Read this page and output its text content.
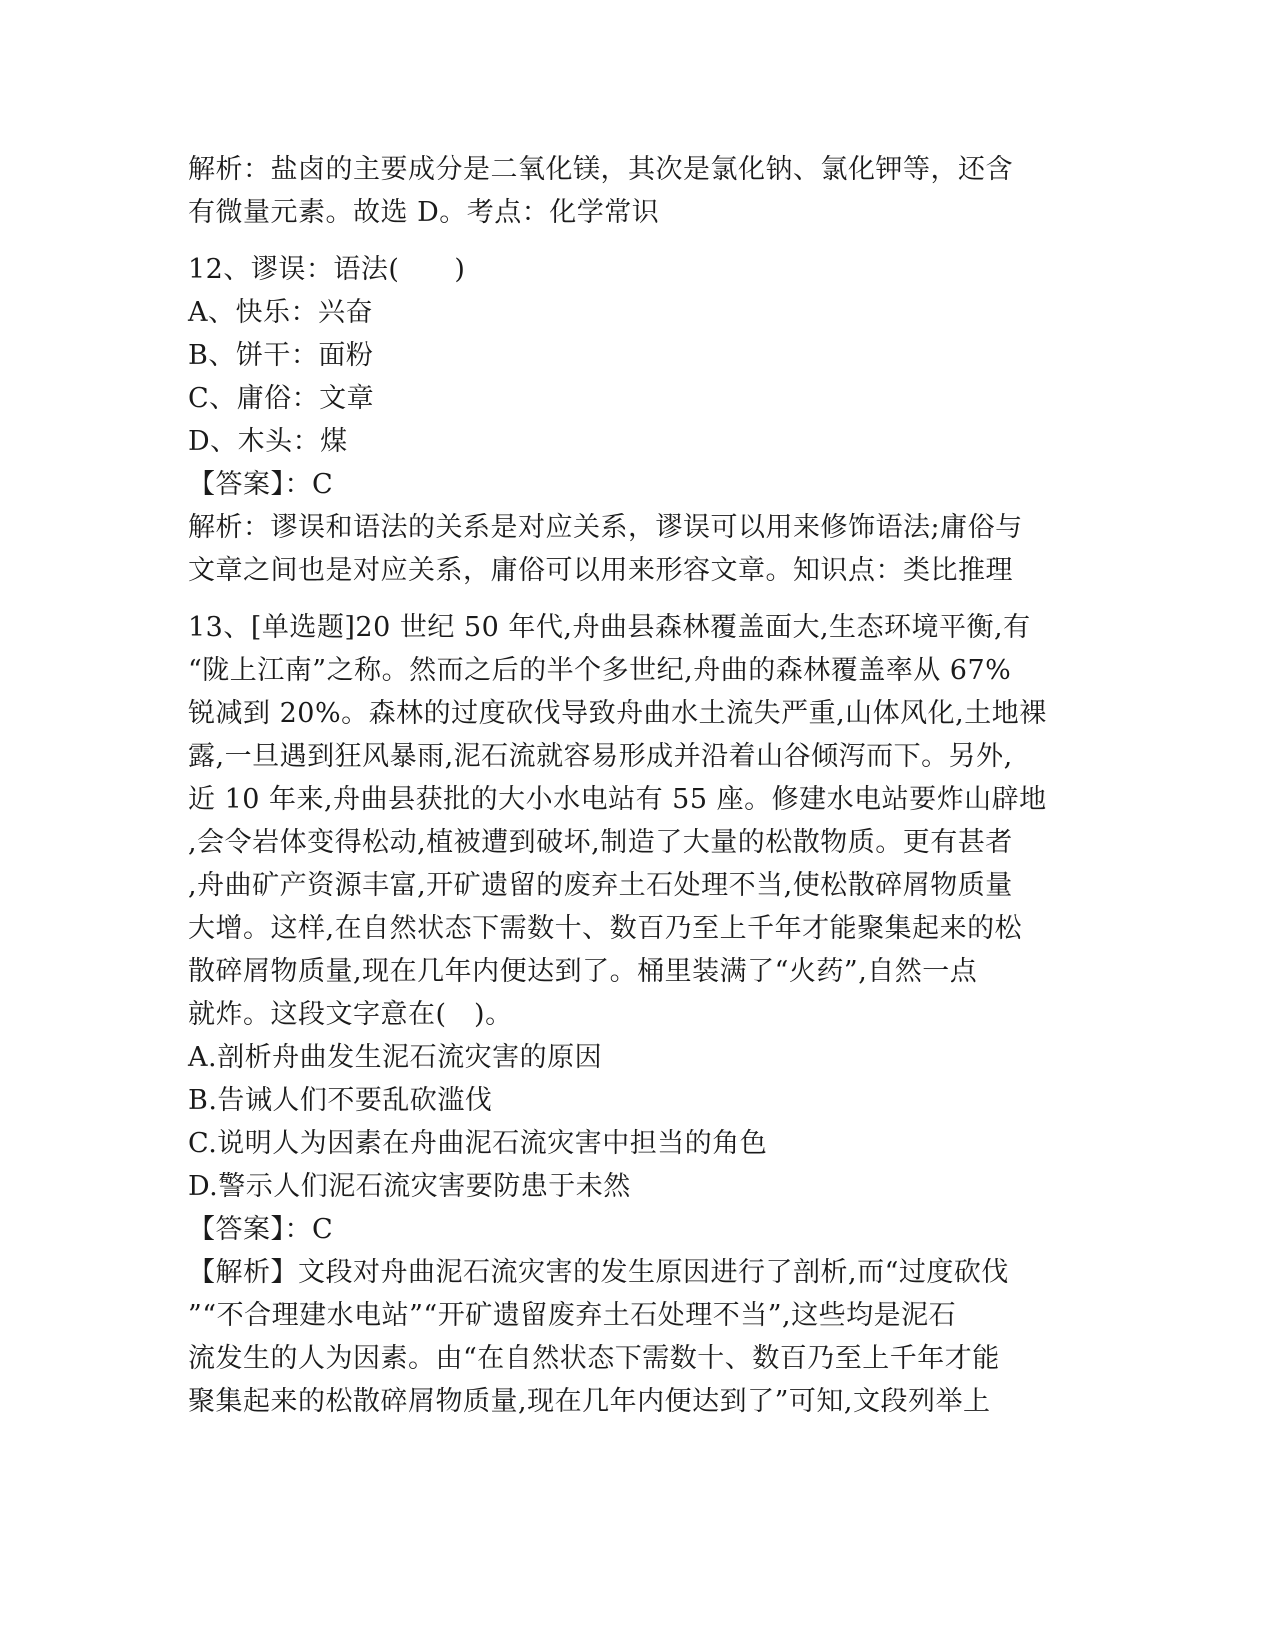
解析：盐卤的主要成分是二氧化镁，其次是氯化钠、氯化钾等，还含
有微量元素。故选 D。考点：化学常识
12、谬误：语法(　　)
A、快乐：兴奋
B、饼干：面粉
C、庸俗：文章
D、木头：煤
【答案】：C
解析：谬误和语法的关系是对应关系，谬误可以用来修饰语法;庸俗与
文章之间也是对应关系，庸俗可以用来形容文章。知识点：类比推理
13、[单选题]20 世纪 50 年代,舟曲县森林覆盖面大,生态环境平衡,有
“陇上江南”之称。然而之后的半个多世纪,舟曲的森林覆盖率从 67%
锐减到 20%。森林的过度砍伐导致舟曲水土流失严重,山体风化,土地裸
露,一旦遇到狂风暴雨,泥石流就容易形成并沿着山谷倾泻而下。另外,
近 10 年来,舟曲县获批的大小水电站有 55 座。修建水电站要炸山辟地
,会令岩体变得松动,植被遭到破坏,制造了大量的松散物质。更有甚者
,舟曲矿产资源丰富,开矿遗留的废弃土石处理不当,使松散碎屑物质量
大增。这样,在自然状态下需数十、数百乃至上千年才能聚集起来的松
散碎屑物质量,现在几年内便达到了。桶里装满了“火药”,自然一点
就炸。这段文字意在(　)。
A.剖析舟曲发生泥石流灾害的原因
B.告诫人们不要乱砍滥伐
C.说明人为因素在舟曲泥石流灾害中担当的角色
D.警示人们泥石流灾害要防患于未然
【答案】：C
【解析】文段对舟曲泥石流灾害的发生原因进行了剖析,而“过度砍伐
”“不合理建水电站”“开矿遗留废弃土石处理不当”,这些均是泥石
流发生的人为因素。由“在自然状态下需数十、数百乃至上千年才能
聚集起来的松散碎屑物质量,现在几年内便达到了”可知,文段列举上
